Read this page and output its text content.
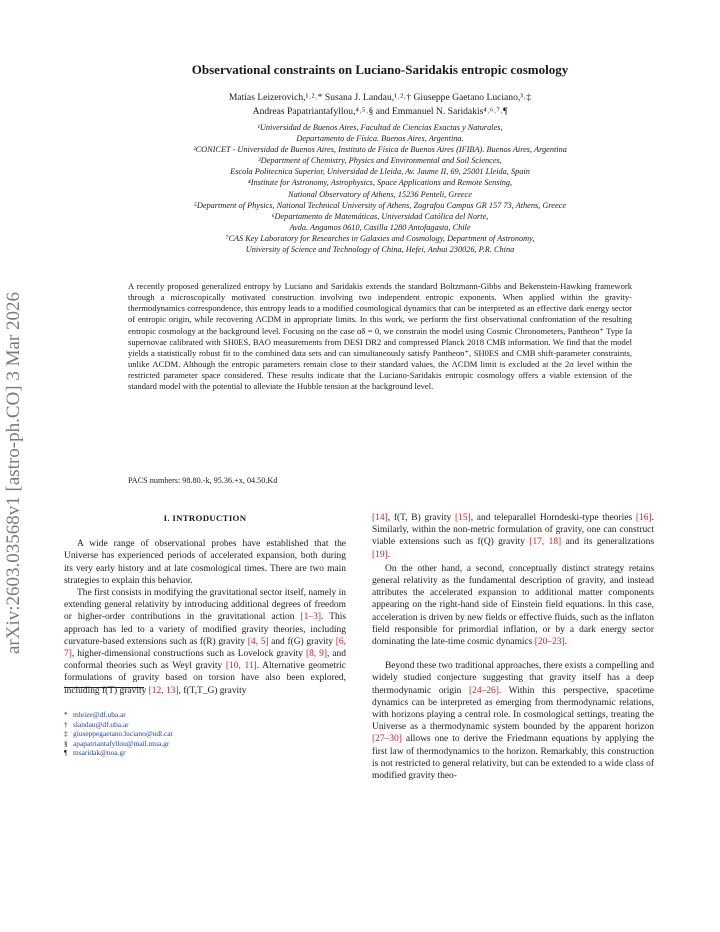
arXiv:2603.03568v1 [astro-ph.CO] 3 Mar 2026
Observational constraints on Luciano-Saridakis entropic cosmology
Matías Leizerovich,¹˒²˒* Susana J. Landau,¹˒²˒† Giuseppe Gaetano Luciano,³˒‡
Andreas Papatriantafyllou,⁴˒⁵˒§ and Emmanuel N. Saridakis⁴˒⁶˒⁷˒¶
¹Universidad de Buenos Aires, Facultad de Ciencias Exactas y Naturales,
Departamento de Física. Buenos Aires, Argentina.
²CONICET - Universidad de Buenos Aires, Instituto de Física de Buenos Aires (IFIBA). Buenos Aires, Argentina
³Department of Chemistry, Physics and Environmental and Soil Sciences,
Escola Politecnica Superior, Universidad de Lleida, Av. Jaume II, 69, 25001 Lleida, Spain
⁴Institute for Astronomy, Astrophysics, Space Applications and Remote Sensing,
National Observatory of Athens, 15236 Penteli, Greece
⁵Department of Physics, National Technical University of Athens, Zografou Campus GR 157 73, Athens, Greece
⁶Departamento de Matemáticas, Universidad Católica del Norte,
Avda. Angamos 0610, Casilla 1280 Antofagasta, Chile
⁷CAS Key Laboratory for Researches in Galaxies and Cosmology, Department of Astronomy,
University of Science and Technology of China, Hefei, Anhui 230026, P.R. China
A recently proposed generalized entropy by Luciano and Saridakis extends the standard Boltzmann-Gibbs and Bekenstein-Hawking framework through a microscopically motivated construction involving two independent entropic exponents. When applied within the gravity-thermodynamics correspondence, this entropy leads to a modified cosmological dynamics that can be interpreted as an effective dark energy sector of entropic origin, while recovering ΛCDM in appropriate limits. In this work, we perform the first observational confrontation of the resulting entropic cosmology at the background level. Focusing on the case αδ = 0, we constrain the model using Cosmic Chronometers, Pantheon⁺ Type Ia supernovae calibrated with SH0ES, BAO measurements from DESI DR2 and compressed Planck 2018 CMB information. We find that the model yields a statistically robust fit to the combined data sets and can simultaneously satisfy Pantheon⁺, SH0ES and CMB shift-parameter constraints, unlike ΛCDM. Although the entropic parameters remain close to their standard values, the ΛCDM limit is excluded at the 2σ level within the restricted parameter space considered. These results indicate that the Luciano-Saridakis entropic cosmology offers a viable extension of the standard model with the potential to alleviate the Hubble tension at the background level.
PACS numbers: 98.80.-k, 95.36.+x, 04.50.Kd
I. INTRODUCTION

A wide range of observational probes have established that the Universe has experienced periods of accelerated expansion, both during its very early history and at late cosmological times. There are two main strategies to explain this behavior.

The first consists in modifying the gravitational sector itself, namely in extending general relativity by introducing additional degrees of freedom or higher-order contributions in the gravitational action [1–3]. This approach has led to a variety of modified gravity theories, including curvature-based extensions such as f(R) gravity [4, 5] and f(G) gravity [6, 7], higher-dimensional constructions such as Lovelock gravity [8, 9], and conformal theories such as Weyl gravity [10, 11]. Alternative geometric formulations of gravity based on torsion have also been explored, including f(T) gravity [12, 13], f(T,T_G) gravity

* mleize@df.uba.ar
† slandau@df.uba.ar
‡ giuseppegaetano.luciano@udl.cat
§ apapatriantafyllou@mail.ntua.gr
¶ msaridak@noa.gr

[14], f(T, B) gravity [15], and teleparallel Horndeski-type theories [16]. Similarly, within the non-metric formulation of gravity, one can construct viable extensions such as f(Q) gravity [17, 18] and its generalizations [19].

On the other hand, a second, conceptually distinct strategy retains general relativity as the fundamental description of gravity, and instead attributes the accelerated expansion to additional matter components appearing on the right-hand side of Einstein field equations. In this case, acceleration is driven by new fields or effective fluids, such as the inflaton field responsible for primordial inflation, or by a dark energy sector dominating the late-time cosmic dynamics [20–23].

Beyond these two traditional approaches, there exists a compelling and widely studied conjecture suggesting that gravity itself has a deep thermodynamic origin [24–26]. Within this perspective, spacetime dynamics can be interpreted as emerging from thermodynamic relations, with horizons playing a central role. In cosmological settings, treating the Universe as a thermodynamic system bounded by the apparent horizon [27–30] allows one to derive the Friedmann equations by applying the first law of thermodynamics to the horizon. Remarkably, this construction is not restricted to general relativity, but can be extended to a wide class of modified gravity theo-
